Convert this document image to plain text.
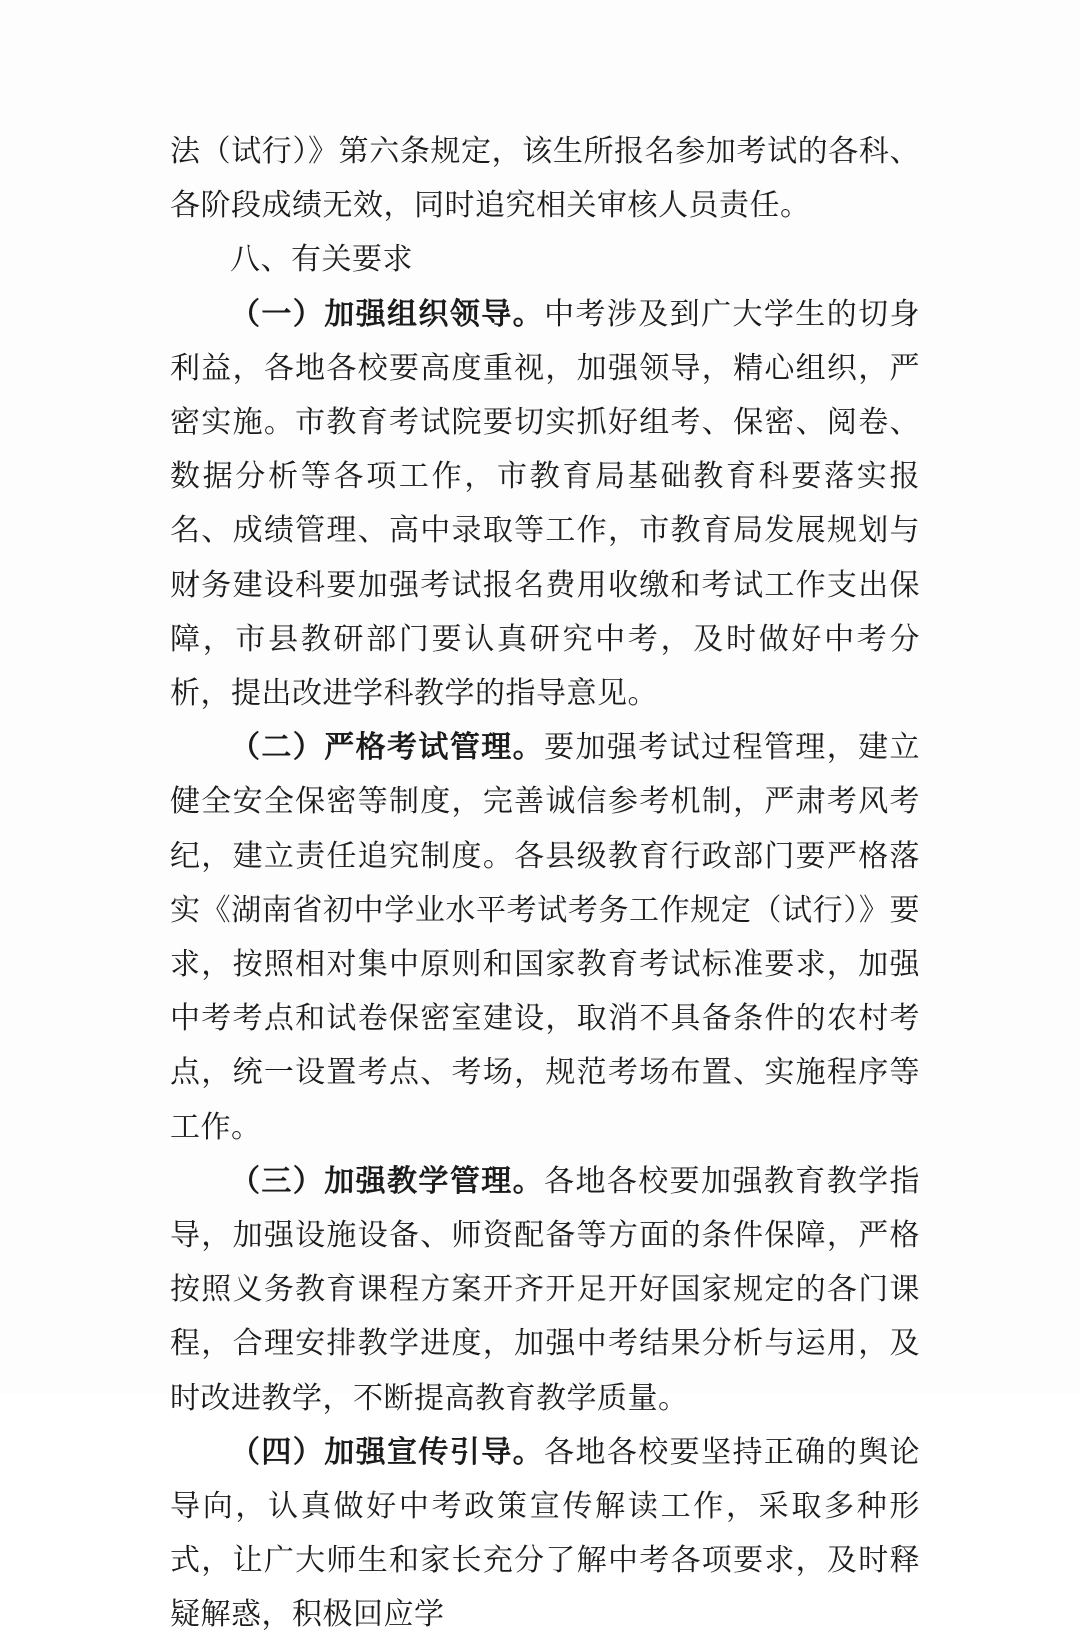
法（试行）》第六条规定，该生所报名参加考试的各科、各阶段成绩无效，同时追究相关审核人员责任。

八、有关要求

（一）加强组织领导。中考涉及到广大学生的切身利益，各地各校要高度重视，加强领导，精心组织，严密实施。市教育考试院要切实抓好组考、保密、阅卷、数据分析等各项工作，市教育局基础教育科要落实报名、成绩管理、高中录取等工作，市教育局发展规划与财务建设科要加强考试报名费用收缴和考试工作支出保障，市县教研部门要认真研究中考，及时做好中考分析，提出改进学科教学的指导意见。

（二）严格考试管理。要加强考试过程管理，建立健全安全保密等制度，完善诚信参考机制，严肃考风考纪，建立责任追究制度。各县级教育行政部门要严格落实《湖南省初中学业水平考试考务工作规定（试行）》要求，按照相对集中原则和国家教育考试标准要求，加强中考考点和试卷保密室建设，取消不具备条件的农村考点，统一设置考点、考场，规范考场布置、实施程序等工作。

（三）加强教学管理。各地各校要加强教育教学指导，加强设施设备、师资配备等方面的条件保障，严格按照义务教育课程方案开齐开足开好国家规定的各门课程，合理安排教学进度，加强中考结果分析与运用，及时改进教学，不断提高教育教学质量。

（四）加强宣传引导。各地各校要坚持正确的舆论导向，认真做好中考政策宣传解读工作，采取多种形式，让广大师生和家长充分了解中考各项要求，及时释疑解惑，积极回应学
